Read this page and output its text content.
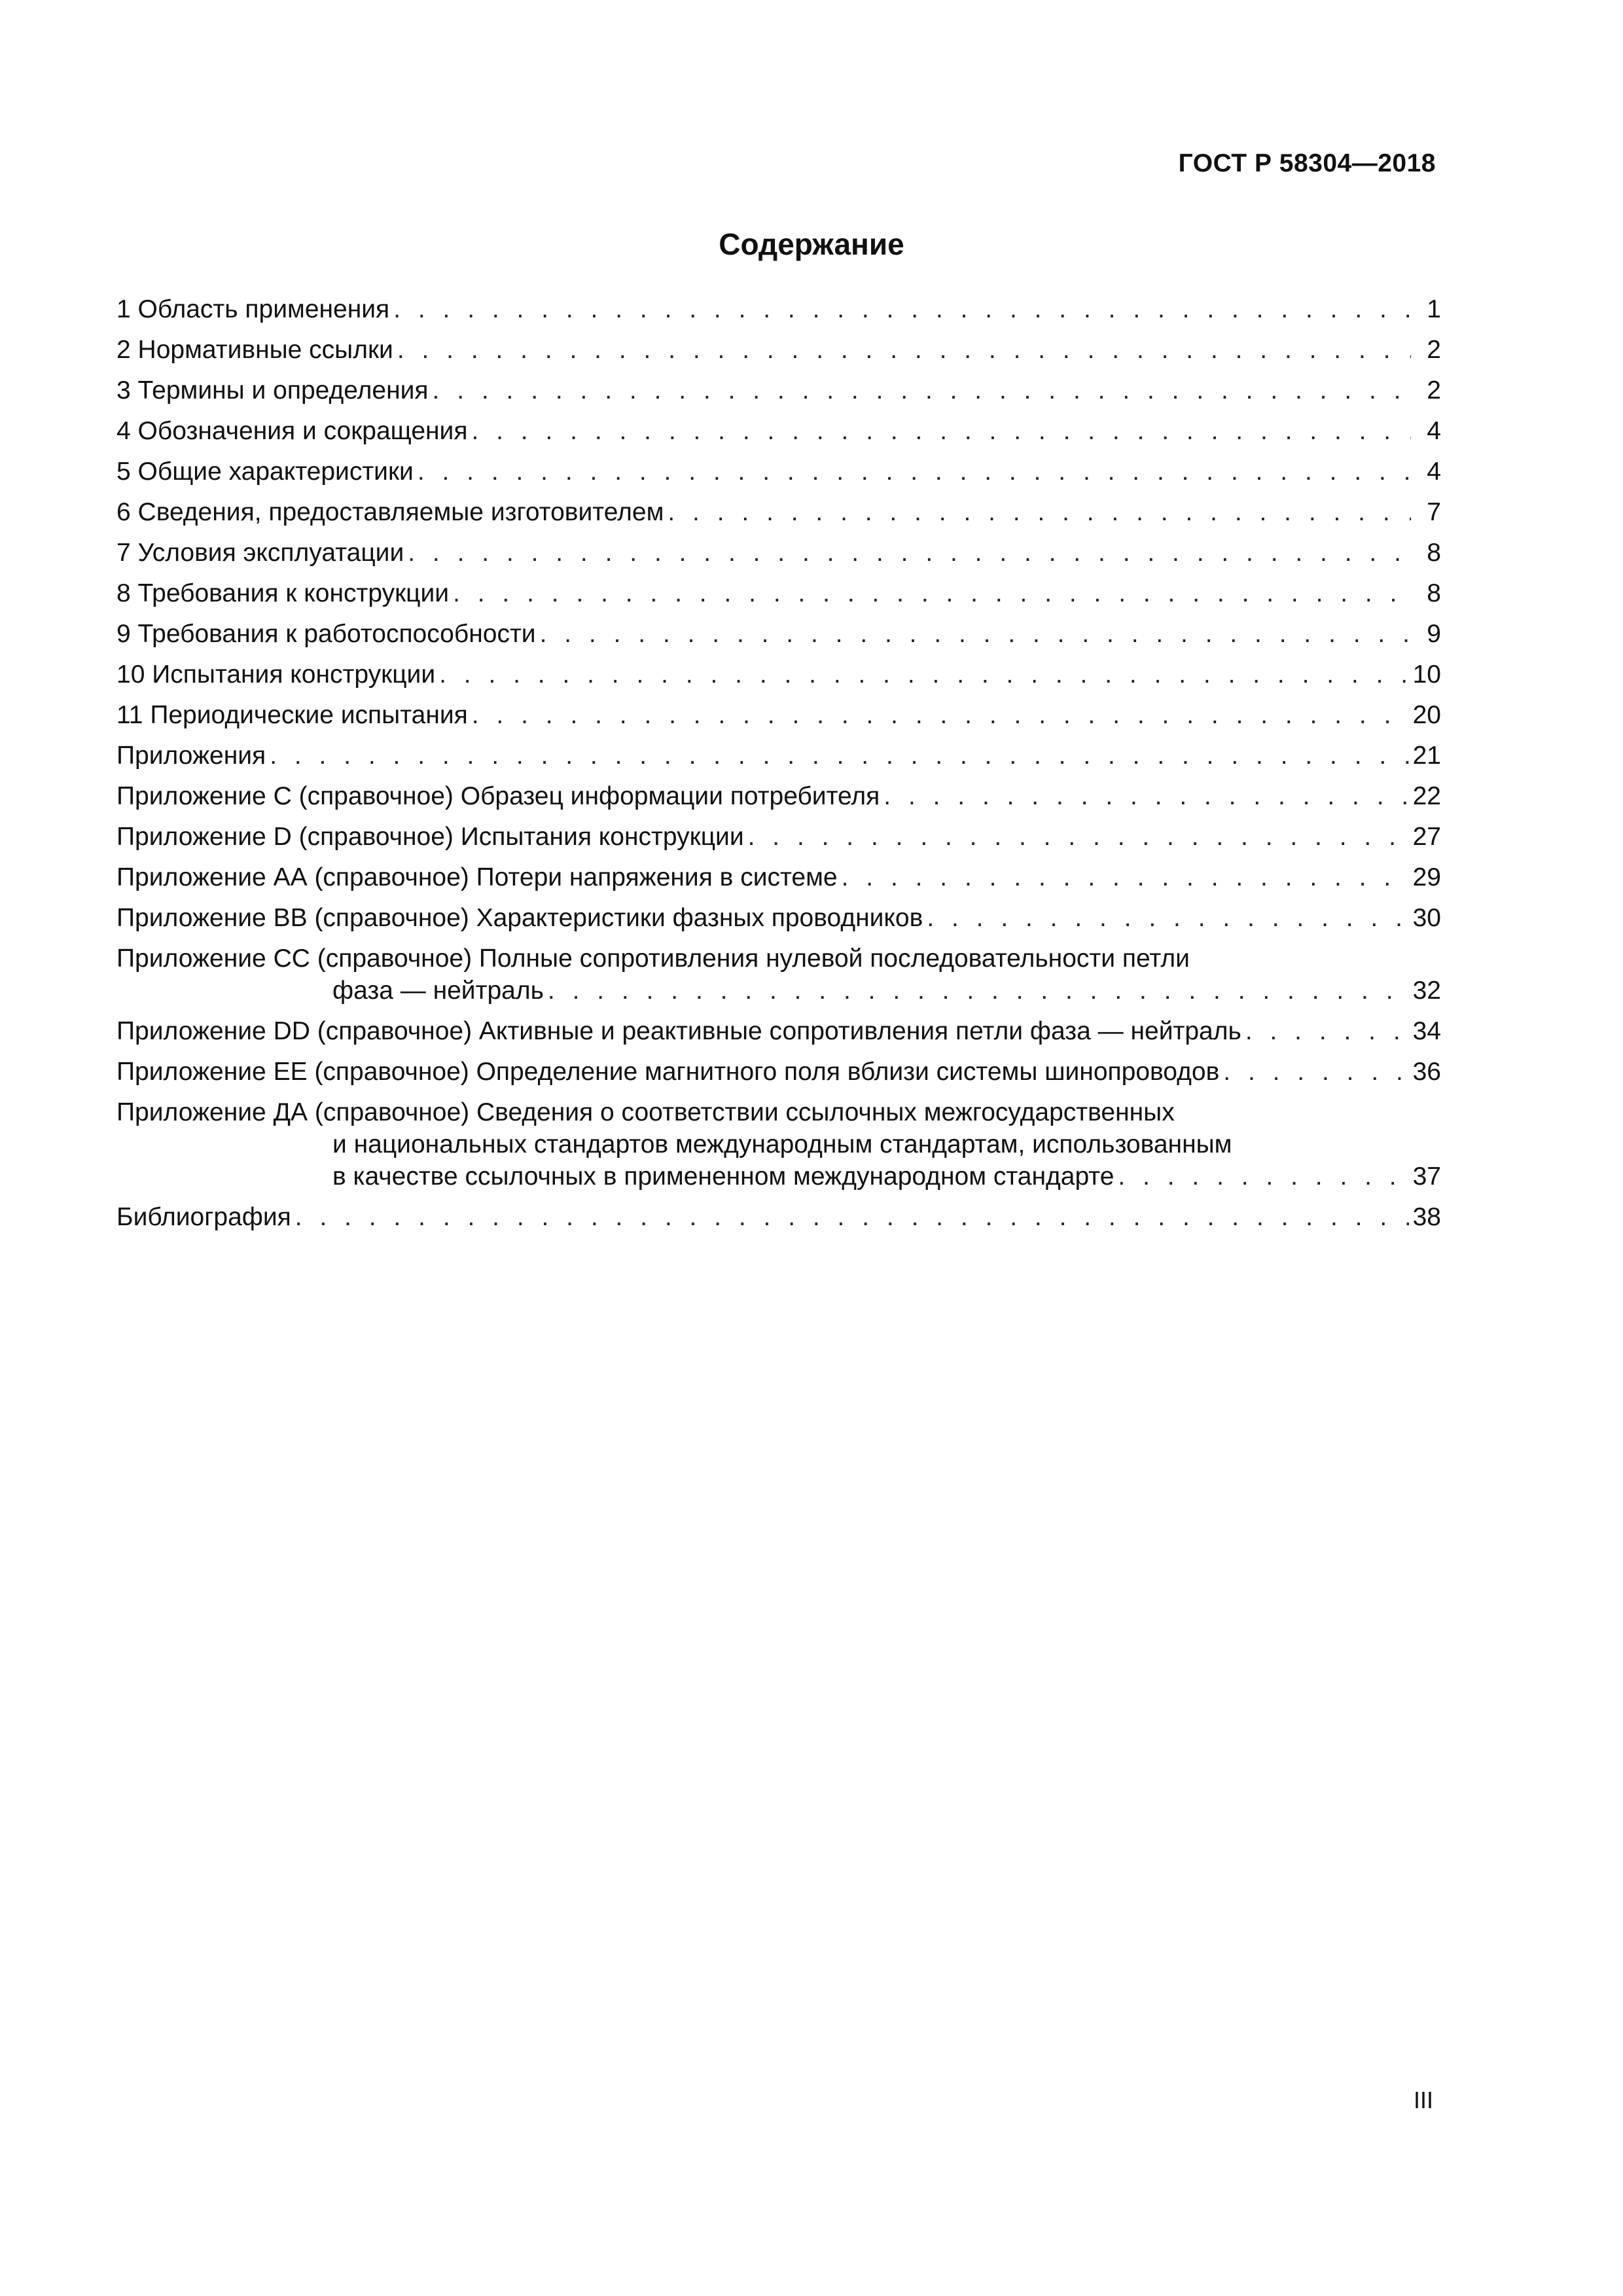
ГОСТ Р 58304—2018
Содержание
1 Область применения . . .	1
2 Нормативные ссылки . . .	2
3 Термины и определения . . .	2
4 Обозначения и сокращения . . .	4
5 Общие характеристики . . .	4
6 Сведения, предоставляемые изготовителем . . .	7
7 Условия эксплуатации . . .	8
8 Требования к конструкции . . .	8
9 Требования к работоспособности . . .	9
10 Испытания конструкции . . .	10
11 Периодические испытания . . .	20
Приложения . . .	21
Приложение С (справочное) Образец информации потребителя . . .	22
Приложение D (справочное) Испытания конструкции . . .	27
Приложение АА (справочное) Потери напряжения в системе . . .	29
Приложение ВВ (справочное) Характеристики фазных проводников . . .	30
Приложение СС (справочное) Полные сопротивления нулевой последовательности петли
фаза — нейтраль . . .	32
Приложение DD (справочное) Активные и реактивные сопротивления петли фаза — нейтраль . . .	34
Приложение ЕЕ (справочное) Определение магнитного поля вблизи системы шинопроводов . . .	36
Приложение ДА (справочное) Сведения о соответствии ссылочных межгосударственных
и национальных стандартов международным стандартам, использованным
в качестве ссылочных в примененном международном стандарте . . .	37
Библиография . . .	38
III
